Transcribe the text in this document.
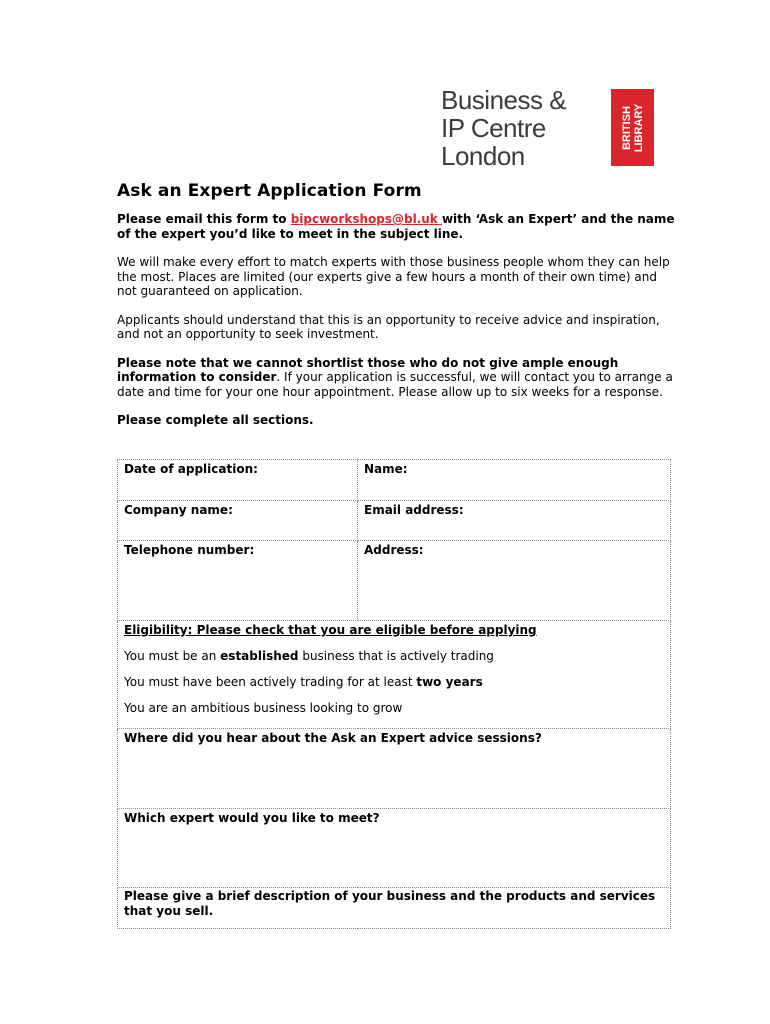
Business &
IP Centre
London
BRITISH LIBRARY
Ask an Expert Application Form

Please email this form to bipcworkshops@bl.uk with ‘Ask an Expert’ and the name of the expert you’d like to meet in the subject line.

We will make every effort to match experts with those business people whom they can help the most. Places are limited (our experts give a few hours a month of their own time) and not guaranteed on application.

Applicants should understand that this is an opportunity to receive advice and inspiration, and not an opportunity to seek investment.

Please note that we cannot shortlist those who do not give ample enough information to consider. If your application is successful, we will contact you to arrange a date and time for your one hour appointment. Please allow up to six weeks for a response.

Please complete all sections.

Date of application:	Name:

Company name:	Email address:

Telephone number:	Address:

Eligibility: Please check that you are eligible before applying
You must be an established business that is actively trading
You must have been actively trading for at least two years
You are an ambitious business looking to grow	

Where did you hear about the Ask an Expert advice sessions?	

Which expert would you like to meet?	

Please give a brief description of your business and the products and services that you sell.	
